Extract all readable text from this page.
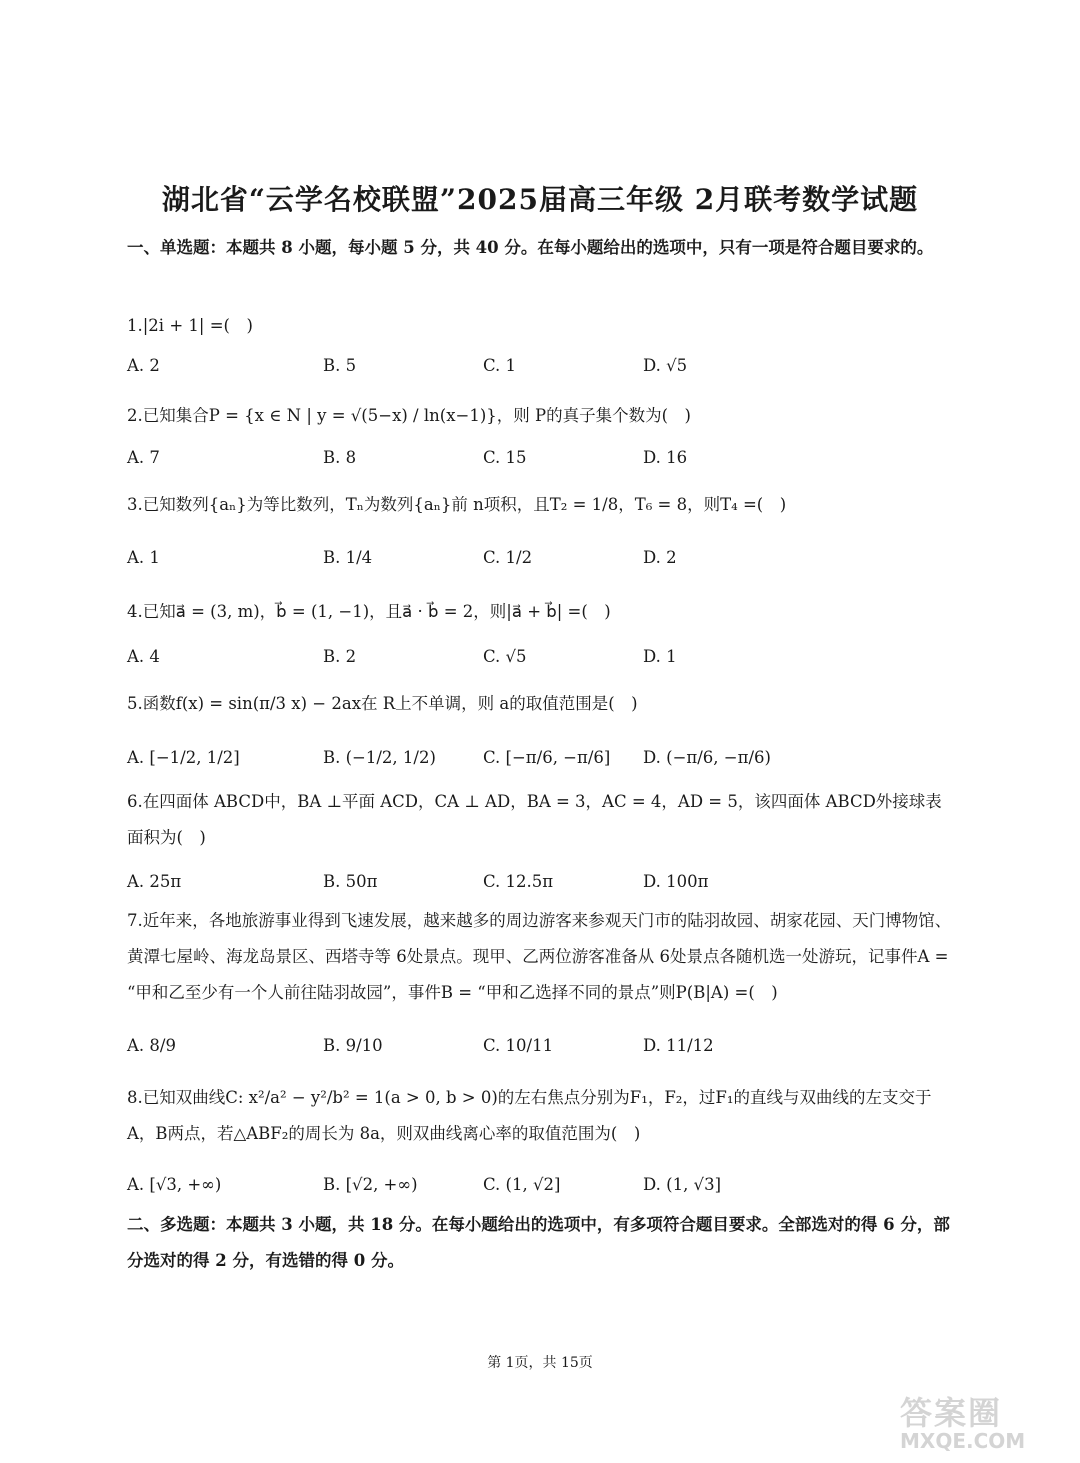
湖北省“云学名校联盟”2025届高三年级 2月联考数学试题
一、单选题：本题共 8 小题，每小题 5 分，共 40 分。在每小题给出的选项中，只有一项是符合题目要求的。
1.|2i + 1| =(　)
A. 2	B. 5	C. 1	D. √5
2.已知集合P = {x ∈ N | y = √(5−x) / ln(x−1)}，则 P的真子集个数为(　)
A. 7	B. 8	C. 15	D. 16
3.已知数列{aₙ}为等比数列，Tₙ为数列{aₙ}前 n项积，且T₂ = 1/8，T₆ = 8，则T₄ =(　)
A. 1	B. 1/4	C. 1/2	D. 2
4.已知a⃗ = (3, m)，b⃗ = (1, −1)，且a⃗ · b⃗ = 2，则|a⃗ + b⃗| =(　)
A. 4	B. 2	C. √5	D. 1
5.函数f(x) = sin(π/3 x) − 2ax在 R上不单调，则 a的取值范围是(　)
A. [−1/2, 1/2]	B. (−1/2, 1/2)	C. [−π/6, −π/6] D. (−π/6, −π/6)
6.在四面体 ABCD中，BA ⊥平面 ACD，CA ⊥ AD，BA = 3，AC = 4，AD = 5，该四面体 ABCD外接球表面积为(　)
A. 25π	B. 50π	C. 12.5π	D. 100π
7.近年来，各地旅游事业得到飞速发展，越来越多的周边游客来参观天门市的陆羽故园、胡家花园、天门博物馆、黄潭七屋岭、海龙岛景区、西塔寺等 6处景点。现甲、乙两位游客准备从 6处景点各随机选一处游玩，记事件A = “甲和乙至少有一个人前往陆羽故园”，事件B = “甲和乙选择不同的景点”则P(B|A) =(　)
A. 8/9	B. 9/10	C. 10/11	D. 11/12
8.已知双曲线C: x²/a² − y²/b² = 1(a > 0, b > 0)的左右焦点分别为F₁，F₂，过F₁的直线与双曲线的左支交于 A，B两点，若△ABF₂的周长为 8a，则双曲线离心率的取值范围为(　)
A. [√3, +∞)	B. [√2, +∞)	C. (1, √2]	D. (1, √3]
二、多选题：本题共 3 小题，共 18 分。在每小题给出的选项中，有多项符合题目要求。全部选对的得 6 分，部分选对的得 2 分，有选错的得 0 分。
第 1页，共 15页
答案圈
MXQE.COM
